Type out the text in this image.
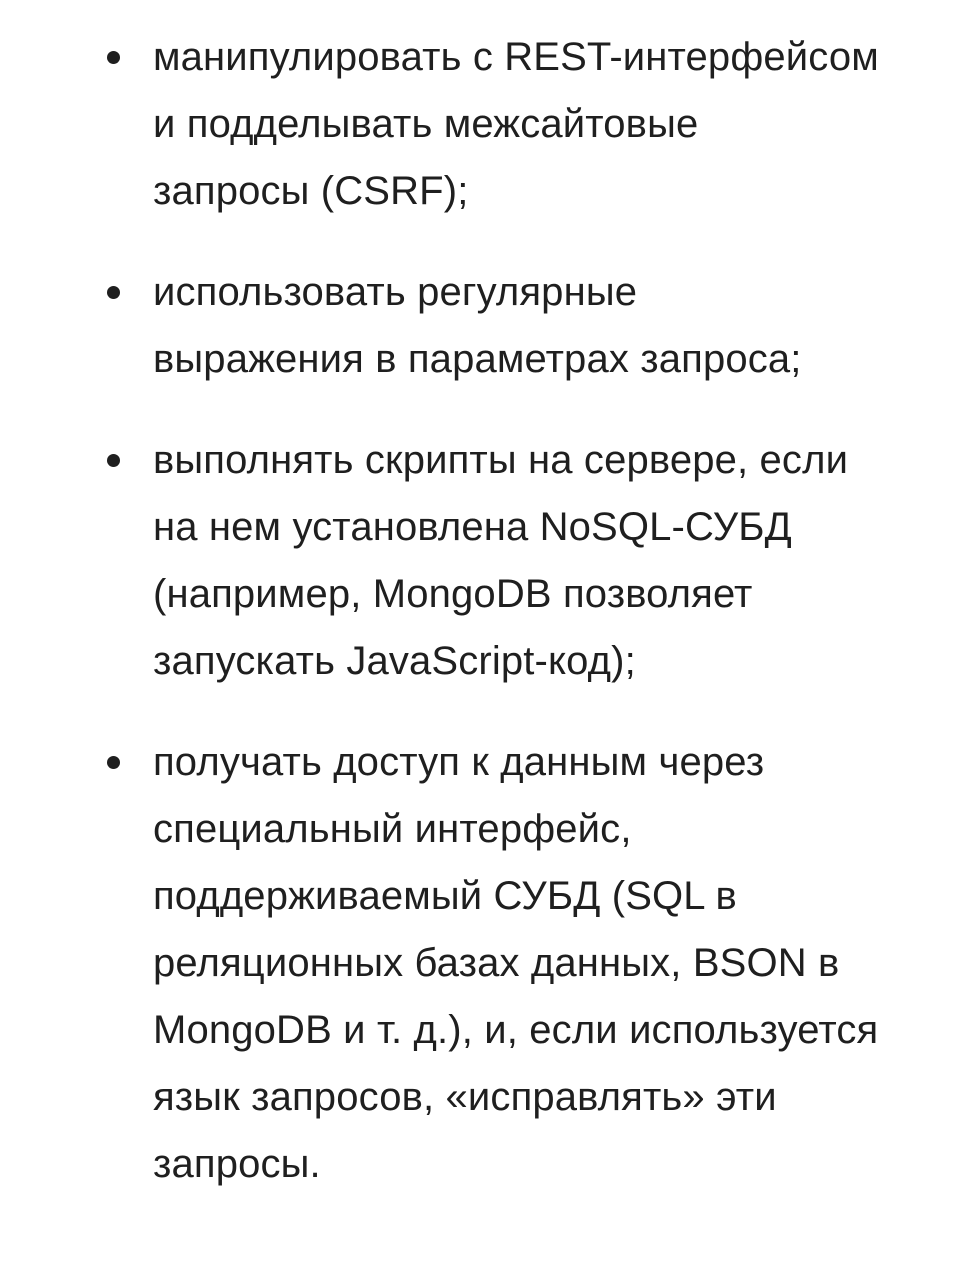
манипулировать с REST-интерфейсом
и подделывать межсайтовые
запросы (CSRF);
использовать регулярные
выражения в параметрах запроса;
выполнять скрипты на сервере, если
на нем установлена NoSQL-СУБД
(например, MongoDB позволяет
запускать JavaScript-код);
получать доступ к данным через
специальный интерфейс,
поддерживаемый СУБД (SQL в
реляционных базах данных, BSON в
MongoDB и т. д.), и, если используется
язык запросов, «исправлять» эти
запросы.
